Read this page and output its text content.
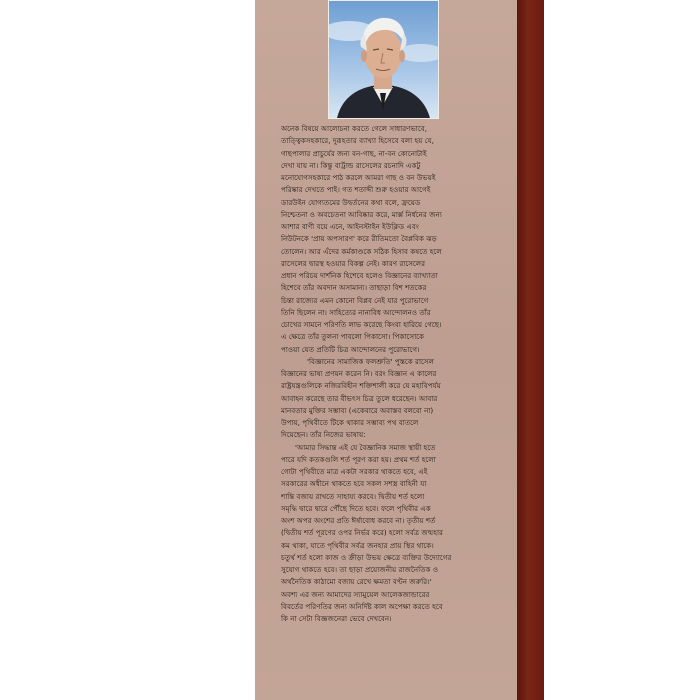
অনেক বিষয়ে আলোচনা করতে গেলে সাধারণভাবে,
তাত্ত্বিকসহকারে, দুরূহতার ব্যাখ্যা হিসেবে বলা হয় যে,
গাছপালার প্রাচুর্যের জন্য বন-গাছ, না-বন কোনোটাই
দেখা যায় না। কিন্তু বার্ট্রান্ড রাসেলের রচনাদি একটু
মনোযোগসহকারে পাঠ করলে আমরা গাছ ও বন উভয়ই
পরিষ্কার দেখতে পাই। গত শতাব্দী শুরু হওয়ার আগেই
ডারউইন যোগ্যতমের উদ্বর্তনের কথা বলে, ফ্রয়েড
নিশ্চেতনা ও অবচেতনা আবিষ্কার করে, মার্ক্স নির্ধনের জন্য
আশার বাণী বয়ে এনে, আইনস্টাইন ইউক্লিড এবং
নিউটনকে 'প্রায় অপসারণ' করে রীতিমতো বৈপ্লবিক ঝড়
তোলেন। আর এঁদের কর্মকাণ্ডকে সঠিক হিসাব কষতে হলে
রাসেলের দ্বারস্থ হওয়ার বিকল্প নেই। কারণ রাসেলের
প্রধান পরিচয় দার্শনিক হিশেবে হলেও বিজ্ঞানের ব্যাখ্যাতা
হিশেবে তাঁর অবদান অসামান্য। তাছাড়া বিশ শতকের
চিন্তা রাজ্যের এমন কোনো বিপ্লব নেই যার পুরোভাগে
তিনি ছিলেন না। সাহিত্যের নানাবিধ আন্দোলনও তাঁর
চোখের সামনে পরিণতি লাভ করেছে কিংবা হারিয়ে গেছে।
এ ক্ষেত্রে তাঁর তুলনা পাবলো পিকাসো। পিকাসোকে
পাওয়া যেত প্রতিটি চিত্র আন্দোলনের পুরোভাগে।
'বিজ্ঞানের সামাজিক ফলশ্রুতি' পুস্তকে রাসেল
বিজ্ঞানের ভাষ্য প্রণয়ন করেন নি। বরং বিজ্ঞান এ কালের
রাষ্ট্রযন্ত্রগুলিকে নজিরবিহীন শক্তিশালী করে যে মহাবিপর্যয়
আবাহন করেছে তার বীভৎস চিত্র তুলে ধরেছেন। আবার
মানবতার মুক্তির সম্ভাব্য (একেবারে অবাস্তব বলবো না)
উপায়, পৃথিবীতে টিকে থাকার সম্ভাব্য পথ বাতলে
দিয়েছেন। তাঁর নিজের ভাষায়:
'আমার সিদ্ধান্ত এই যে বৈজ্ঞানিক সমাজ স্থায়ী হতে
পারে যদি কতকগুলি শর্ত পূরণ করা হয়। প্রথম শর্ত হলো
গোটা পৃথিবীতে মাত্র একটা সরকার থাকতে হবে, এই
সরকারের অধীনে থাকতে হবে সকল সশস্ত্র বাহিনী যা
শান্তি বজায় রাখতে সাহায্য করবে। দ্বিতীয় শর্ত হলো
সমৃদ্ধি দ্বারে দ্বারে পৌঁছে দিতে হবে। ফলে পৃথিবীর এক
অংশ অপর অংশের প্রতি ঈর্ষাবোধ করবে না। তৃতীয় শর্ত
(দ্বিতীয় শর্ত পূরণের ওপর নির্ভর করে) হলো সর্বত্র জন্মহার
কম থাকা, যাতে পৃথিবীর সর্বত্র জনহার প্রায় স্থির থাকে।
চতুর্থ শর্ত হলো কাজ ও ক্রীড়া উভয় ক্ষেত্রে ব্যক্তির উদ্যোগের
সুযোগ থাকতে হবে। তা ছাড়া প্রয়োজনীয় রাজনৈতিক ও
অর্থনৈতিক কাঠামো বজায় রেখে ক্ষমতা বণ্টন জরুরি।'
অবশ্য এর জন্য আমাদের স্যামুয়েল আলেকজান্ডারের
বিবর্তের পরিণতির জন্য অনির্দিষ্ট কাল অপেক্ষা করতে হবে
কি না সেটা বিজ্ঞজনেরা ভেবে দেখবেন।
